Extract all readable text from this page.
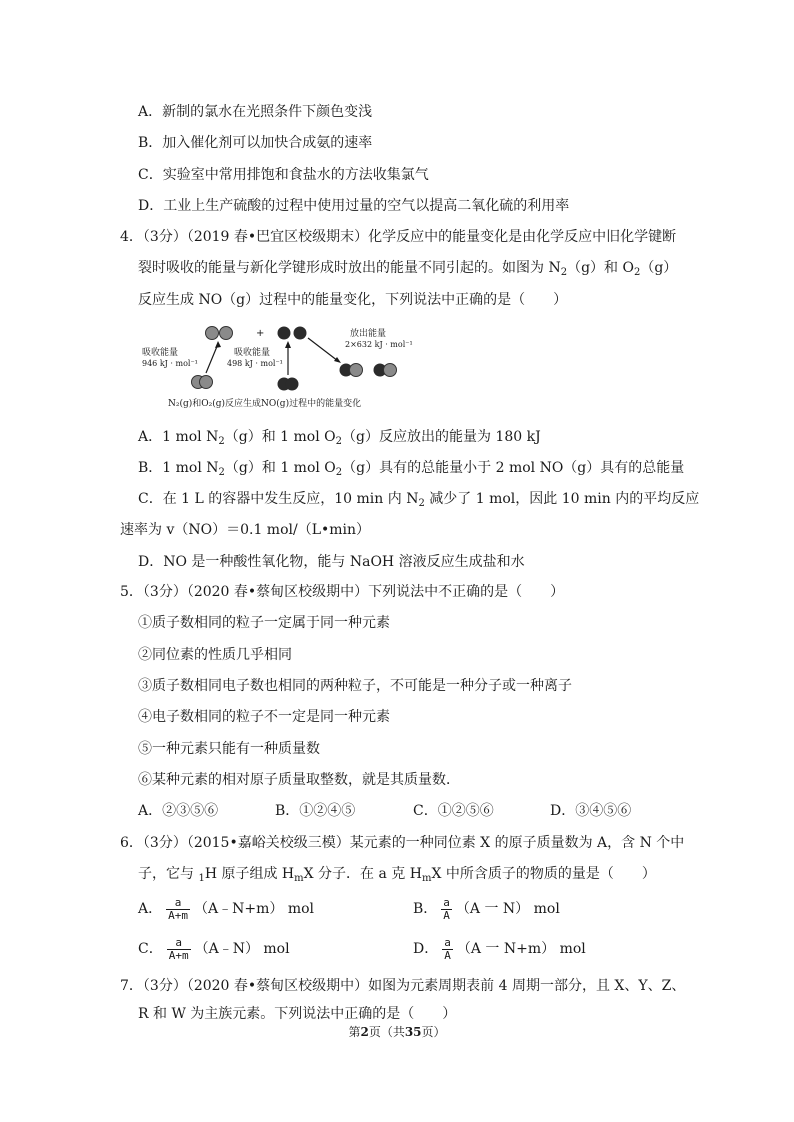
A．新制的氯水在光照条件下颜色变浅
B．加入催化剂可以加快合成氨的速率
C．实验室中常用排饱和食盐水的方法收集氯气
D．工业上生产硫酸的过程中使用过量的空气以提高二氧化硫的利用率
4．（3分）（2019 春•巴宜区校级期末）化学反应中的能量变化是由化学反应中旧化学键断
裂时吸收的能量与新化学键形成时放出的能量不同引起的。如图为 $N_2(g)$和 $O_2(g)$
反应生成 NO（g）过程中的能量变化，下列说法中正确的是（　　）
+
吸收能量
946 kJ · mol⁻¹
吸收能量
498 kJ · mol⁻¹
放出能量
2×632 kJ · mol⁻¹
N₂(g)和O₂(g)反应生成NO(g)过程中的能量变化
A．1 mol $N_2(g)$和 1 mol $O_2(g)$反应放出的能量为 180 kJ
B．1 mol $N_2(g)$和 1 mol $O_2(g)$具有的总能量小于 2 mol NO（g）具有的总能量
C．在 1 L 的容器中发生反应，10 min 内 $N_2$ 减少了 1 mol，因此 10 min 内的平均反应
速率为 v（NO）＝0.1 mol/（L•min）
D．NO 是一种酸性氧化物，能与 NaOH 溶液反应生成盐和水
5．（3分）（2020 春•蔡甸区校级期中）下列说法中不正确的是（　　）
①质子数相同的粒子一定属于同一种元素
②同位素的性质几乎相同
③质子数相同电子数也相同的两种粒子，不可能是一种分子或一种离子
④电子数相同的粒子不一定是同一种元素
⑤一种元素只能有一种质量数
⑥某种元素的相对原子质量取整数，就是其质量数．
A．②③⑤⑥	B．①②④⑤	C．①②⑤⑥	D．③④⑤⑥
6．（3分）（2015•嘉峪关校级三模）某元素的一种同位素 X 的原子质量数为 A，含 N 个中
子，它与 $_1$H 原子组成 $H_mX$ 分子．在 a 克 $H_mX$ 中所含质子的物质的量是（　　）
A． $\frac{a}{A+m}$ （A﹣N+m） mol	B． $\frac{a}{A} (A$ 一 N） mol
C． $\frac{a}{A+m}$ （A﹣N） mol	D． $\frac{a}{A} (A$ 一 N+m） mol
7．（3分）（2020 春•蔡甸区校级期中）如图为元素周期表前 4 周期一部分，且 X、Y、Z、
R 和 W 为主族元素。下列说法中正确的是（　　）
第2页（共35页）
